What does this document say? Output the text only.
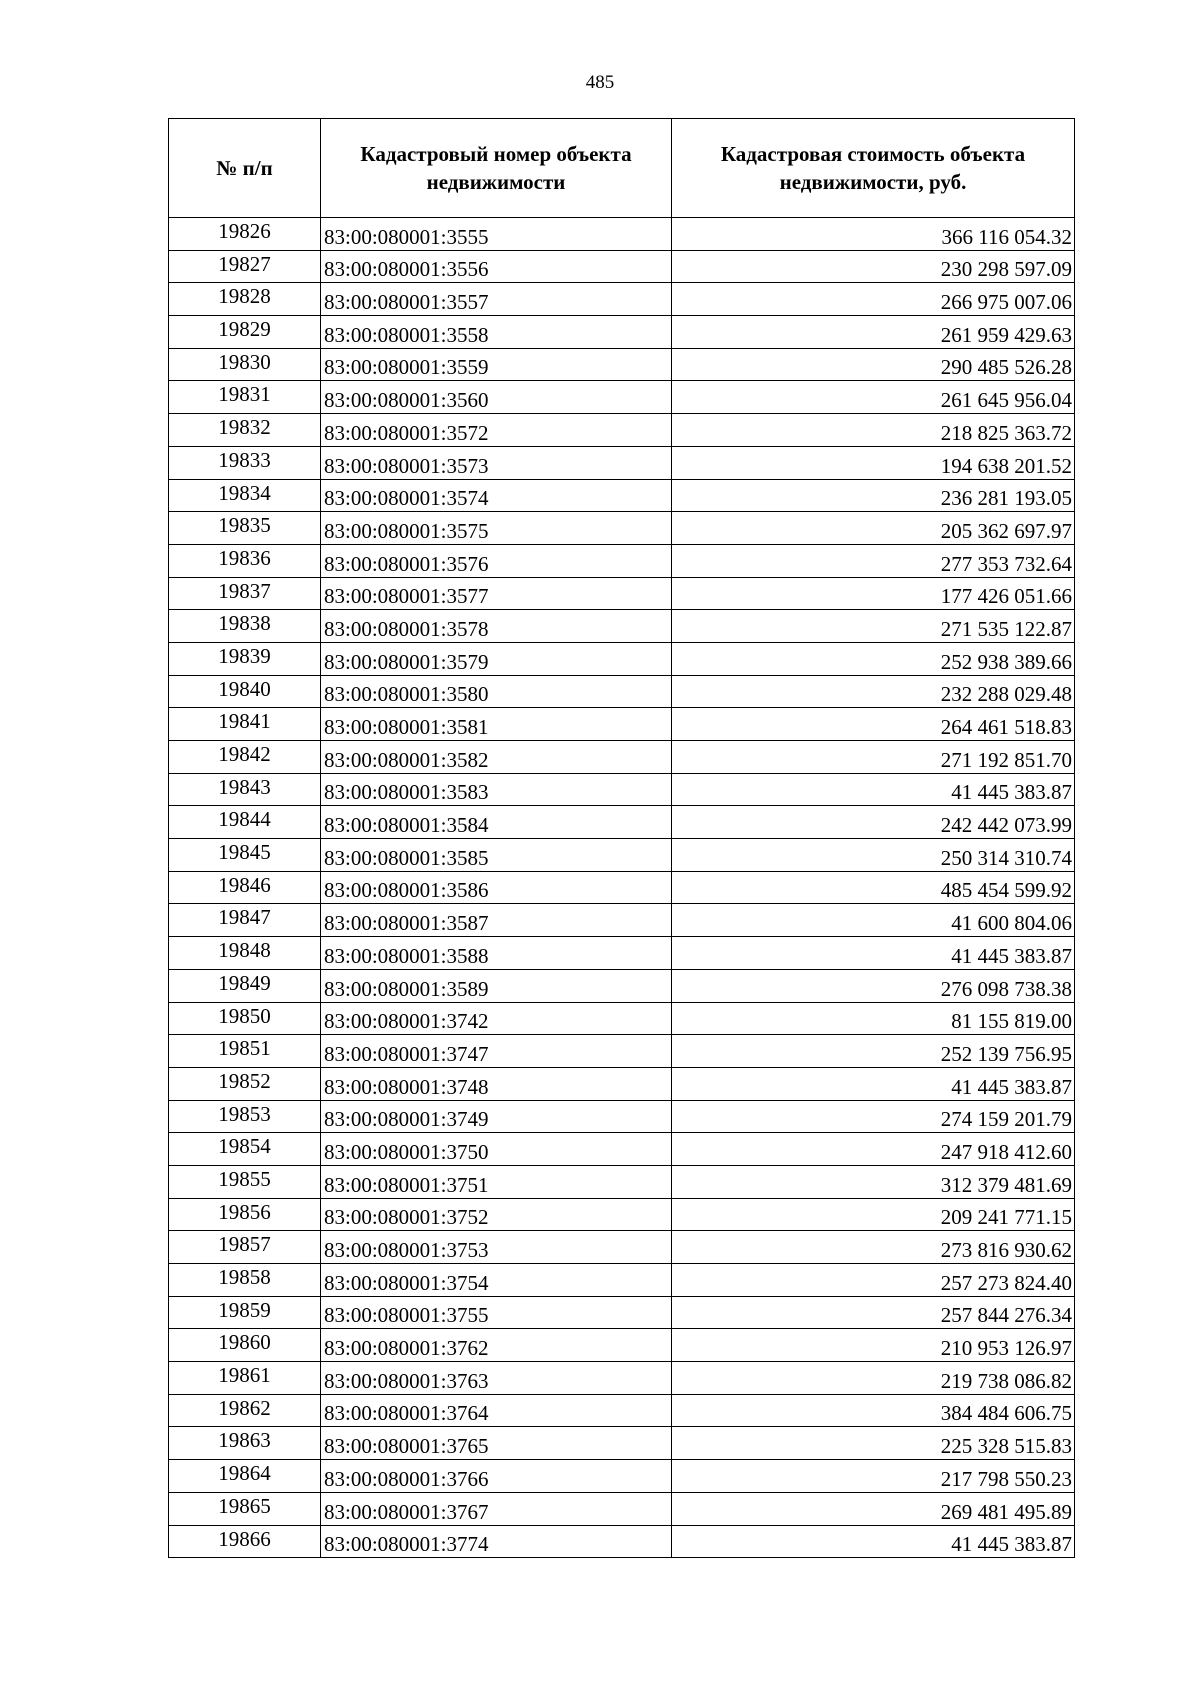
485
№ п/п	Кадастровый номер объекта недвижимости	Кадастровая стоимость объекта недвижимости, руб.
19826	83:00:080001:3555	366 116 054.32
19827	83:00:080001:3556	230 298 597.09
19828	83:00:080001:3557	266 975 007.06
19829	83:00:080001:3558	261 959 429.63
19830	83:00:080001:3559	290 485 526.28
19831	83:00:080001:3560	261 645 956.04
19832	83:00:080001:3572	218 825 363.72
19833	83:00:080001:3573	194 638 201.52
19834	83:00:080001:3574	236 281 193.05
19835	83:00:080001:3575	205 362 697.97
19836	83:00:080001:3576	277 353 732.64
19837	83:00:080001:3577	177 426 051.66
19838	83:00:080001:3578	271 535 122.87
19839	83:00:080001:3579	252 938 389.66
19840	83:00:080001:3580	232 288 029.48
19841	83:00:080001:3581	264 461 518.83
19842	83:00:080001:3582	271 192 851.70
19843	83:00:080001:3583	41 445 383.87
19844	83:00:080001:3584	242 442 073.99
19845	83:00:080001:3585	250 314 310.74
19846	83:00:080001:3586	485 454 599.92
19847	83:00:080001:3587	41 600 804.06
19848	83:00:080001:3588	41 445 383.87
19849	83:00:080001:3589	276 098 738.38
19850	83:00:080001:3742	81 155 819.00
19851	83:00:080001:3747	252 139 756.95
19852	83:00:080001:3748	41 445 383.87
19853	83:00:080001:3749	274 159 201.79
19854	83:00:080001:3750	247 918 412.60
19855	83:00:080001:3751	312 379 481.69
19856	83:00:080001:3752	209 241 771.15
19857	83:00:080001:3753	273 816 930.62
19858	83:00:080001:3754	257 273 824.40
19859	83:00:080001:3755	257 844 276.34
19860	83:00:080001:3762	210 953 126.97
19861	83:00:080001:3763	219 738 086.82
19862	83:00:080001:3764	384 484 606.75
19863	83:00:080001:3765	225 328 515.83
19864	83:00:080001:3766	217 798 550.23
19865	83:00:080001:3767	269 481 495.89
19866	83:00:080001:3774	41 445 383.87
